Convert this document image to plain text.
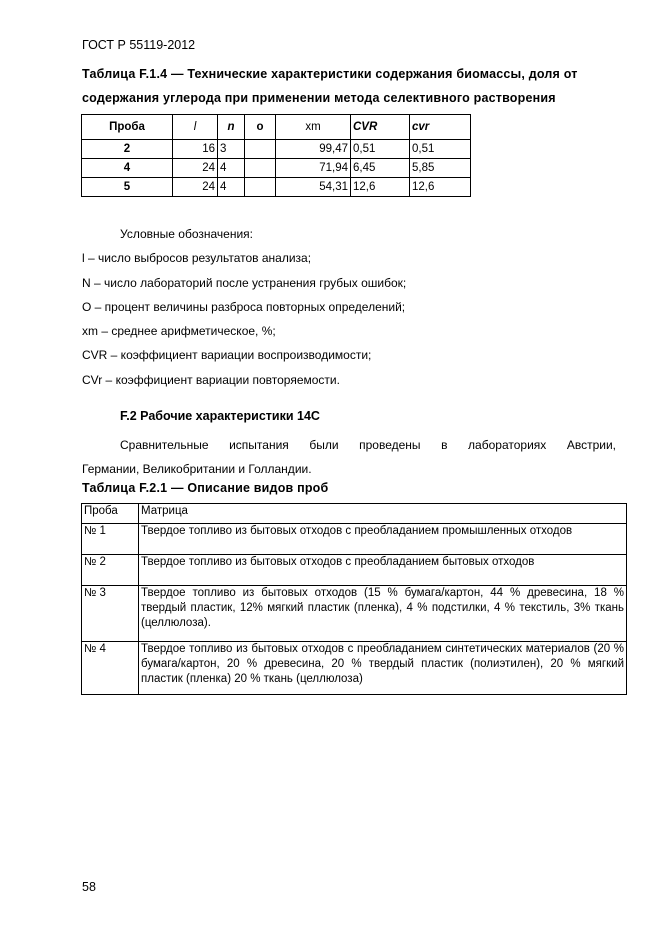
ГОСТ Р 55119-2012
Таблица F.1.4 — Технические характеристики содержания биомассы, доля от
содержания углерода при применении метода селективного растворения
Проба	l	n	o	xm	CVR	cvr
2	16	3		99,47	0,51	0,51
4	24	4		71,94	6,45	5,85
5	24	4		54,31	12,6	12,6
Условные обозначения:
l – число выбросов результатов анализа;
N – число лабораторий после устранения грубых ошибок;
O – процент величины разброса повторных определений;
xm – среднее арифметическое, %;
CVR – коэффициент вариации воспроизводимости;
CVr – коэффициент вариации повторяемости.
F.2 Рабочие характеристики 14C
Сравнительные испытания были проведены в лабораториях Австрии,
Германии, Великобритании и Голландии.
Таблица F.2.1 — Описание видов проб
Проба	Матрица
№ 1	Твердое топливо из бытовых отходов с преобладанием промышленных отходов
№ 2	Твердое топливо из бытовых отходов с преобладанием бытовых отходов
№ 3	Твердое топливо из бытовых отходов (15 % бумага/картон, 44 % древесина, 18 % твердый пластик, 12% мягкий пластик (пленка), 4 % подстилки, 4 % текстиль, 3% ткань (целлюлоза).
№ 4	Твердое топливо из бытовых отходов с преобладанием синтетических материалов (20 % бумага/картон, 20 % древесина, 20 % твердый пластик (полиэтилен), 20 % мягкий пластик (пленка) 20 % ткань (целлюлоза)
58
